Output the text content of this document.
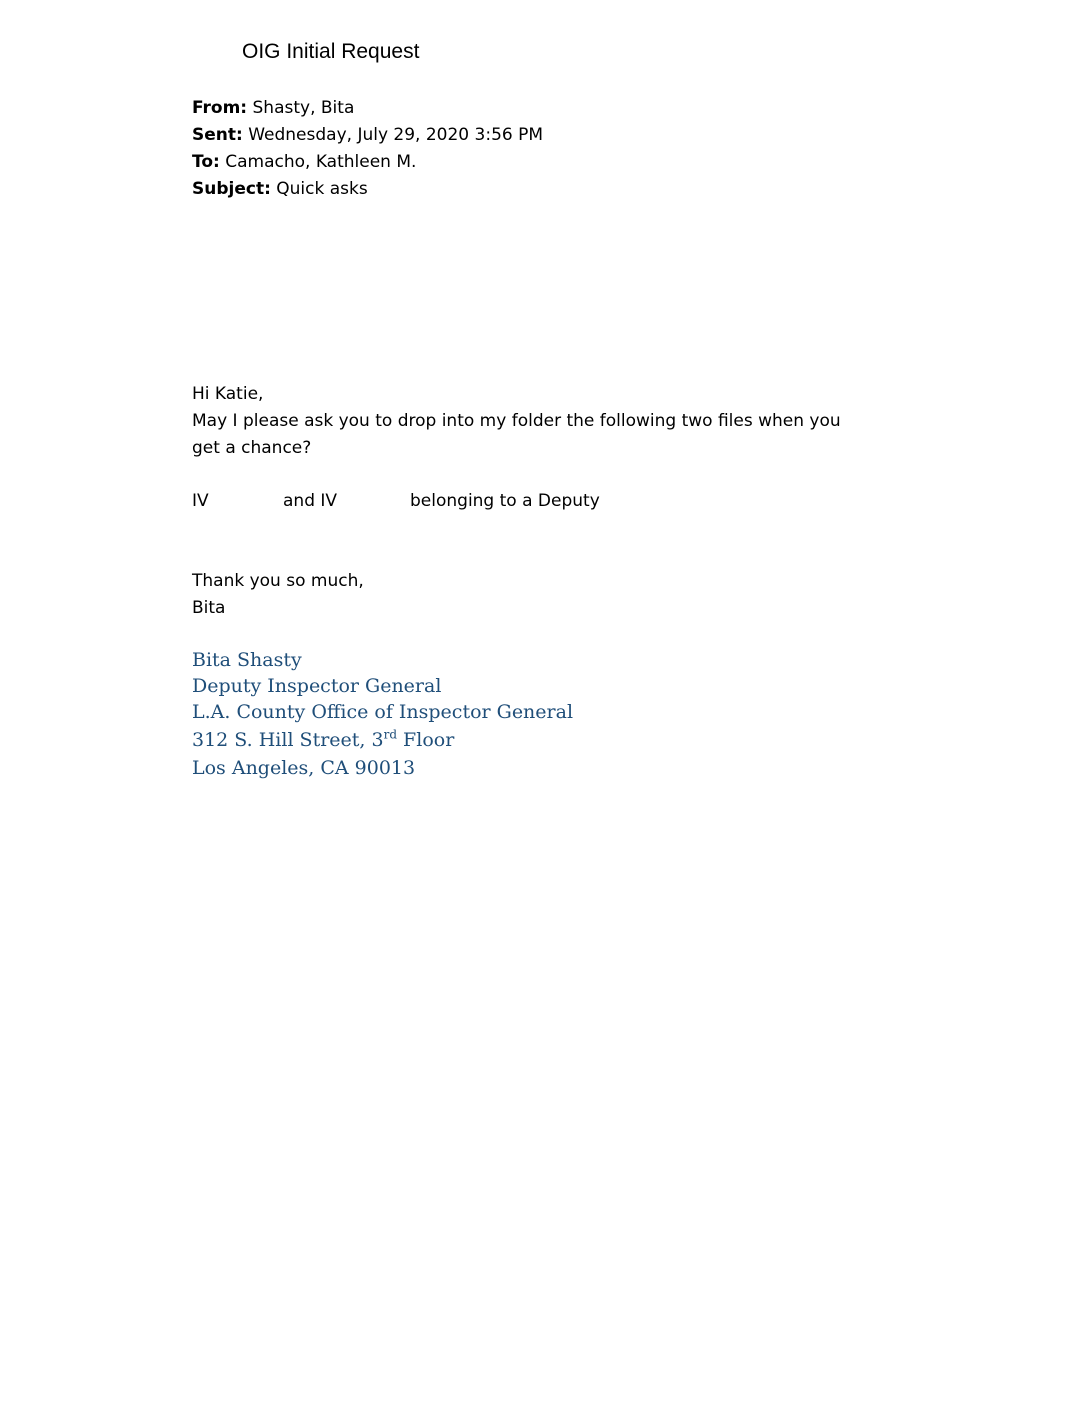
OIG Initial Request
From: Shasty, Bita
Sent: Wednesday, July 29, 2020 3:56 PM
To: Camacho, Kathleen M.
Subject: Quick asks
Hi Katie,
May I please ask you to drop into my folder the following two files when you get a chance?
IV	and IV	belonging to a Deputy
Thank you so much,
Bita
Bita Shasty
Deputy Inspector General
L.A. County Office of Inspector General
312 S. Hill Street, 3rd Floor
Los Angeles, CA 90013
